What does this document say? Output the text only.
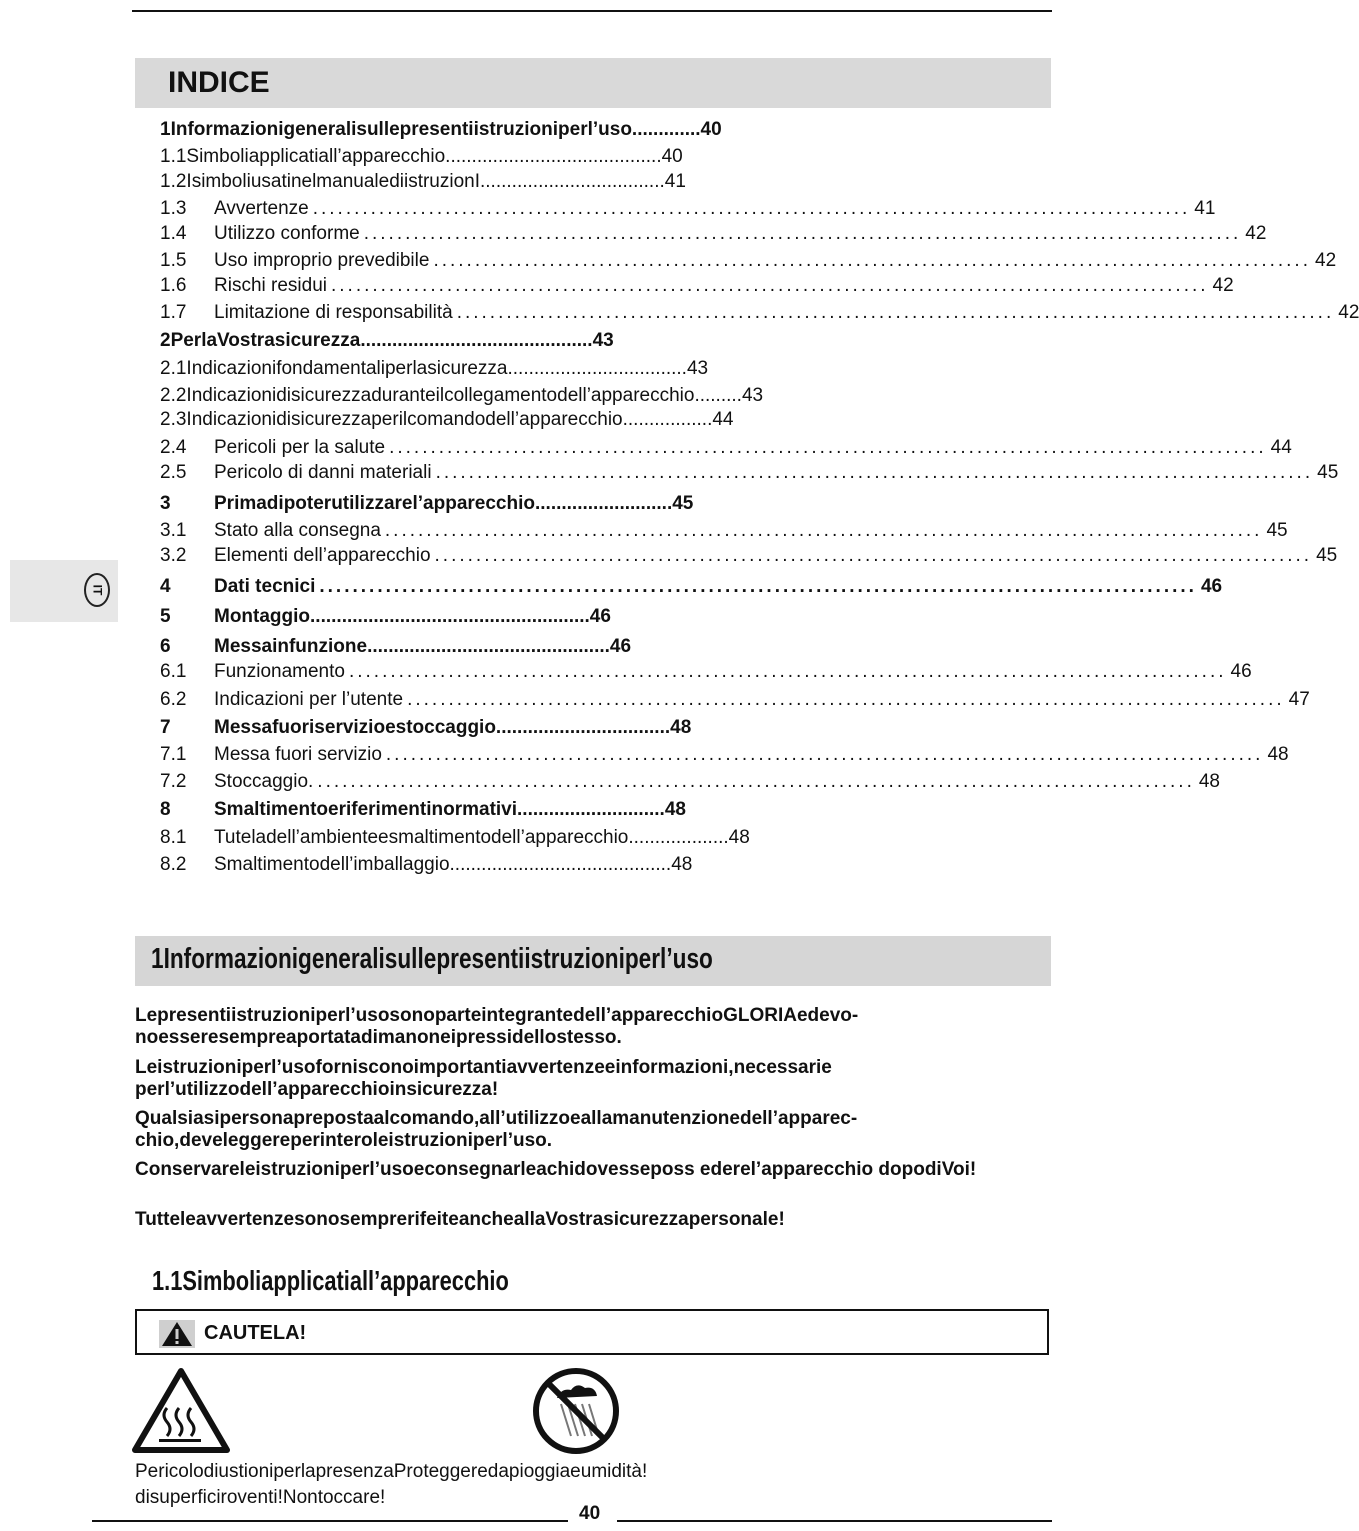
INDICE
IT
1Informazionigeneralisullepresentiistruzioniperl’uso.............40
1.1Simboliapplicatiall’apparecchio.........................................40
1.2IsimboliusatinelmanualediistruzionI...................................41
1.3	Avvertenze .......................................................................................................... 41
1.4	Utilizzo conforme .......................................................................................................... 42
1.5	Uso improprio prevedibile .......................................................................................................... 42
1.6	Rischi residui .......................................................................................................... 42
1.7	Limitazione di responsabilità .......................................................................................................... 42
2PerlaVostrasicurezza............................................43
2.1Indicazionifondamentaliperlasicurezza..................................43
2.2Indicazionidisicurezzaduranteilcollegamentodell’apparecchio.........43
2.3Indicazionidisicurezzaperilcomandodell’apparecchio.................44
2.4	Pericoli per la salute .......................................................................................................... 44
2.5	Pericolo di danni materiali .......................................................................................................... 45
3 Primadipoterutilizzarel’apparecchio..........................45
3.1	Stato alla consegna .......................................................................................................... 45
3.2	Elementi dell’apparecchio .......................................................................................................... 45
4	Dati tecnici .......................................................................................................... 46
5 Montaggio.....................................................46
6 Messainfunzione..............................................46
6.1	Funzionamento .......................................................................................................... 46
6.2	Indicazioni per l’utente .......................................................................................................... 47
7 Messafuoriservizioestoccaggio.................................48
7.1	Messa fuori servizio .......................................................................................................... 48
7.2	Stoccaggio. .......................................................................................................... 48
8 Smaltimentoeriferimentinormativi............................48
8.1 Tuteladell’ambienteesmaltimentodell’apparecchio...................48
8.2 Smaltimentodell’imballaggio..........................................48
1Informazionigeneralisullepresentiistruzioniperl’uso
Lepresentiistruzioniperl’usosonoparteintegrantedell’apparecchioGLORIAedevo-noesseresempreaportatadimanoneipressidellostesso.
Leistruzioniperl’usofornisconoimportantiavvertenzeeinformazioni,necessarie perl’utilizzodell’apparecchioinsicurezza!
Qualsiasipersonaprepostaalcomando,all’utilizzoeallamanutenzionedell’apparec-chio,develeggereperinteroleistruzioniperl’uso.
Conservareleistruzioniperl’usoeconsegnarleachidovesseposs ederel’apparecchio dopodiVoi!
TutteleavvertenzesonosemprerifeiteancheallaVostrasicurezzapersonale!
1.1Simboliapplicatiall’apparecchio
CAUTELA!
PericolodiustioniperlapresenzaProteggeredapioggiaeumidità!
disuperficiroventi!Nontoccare!
40
